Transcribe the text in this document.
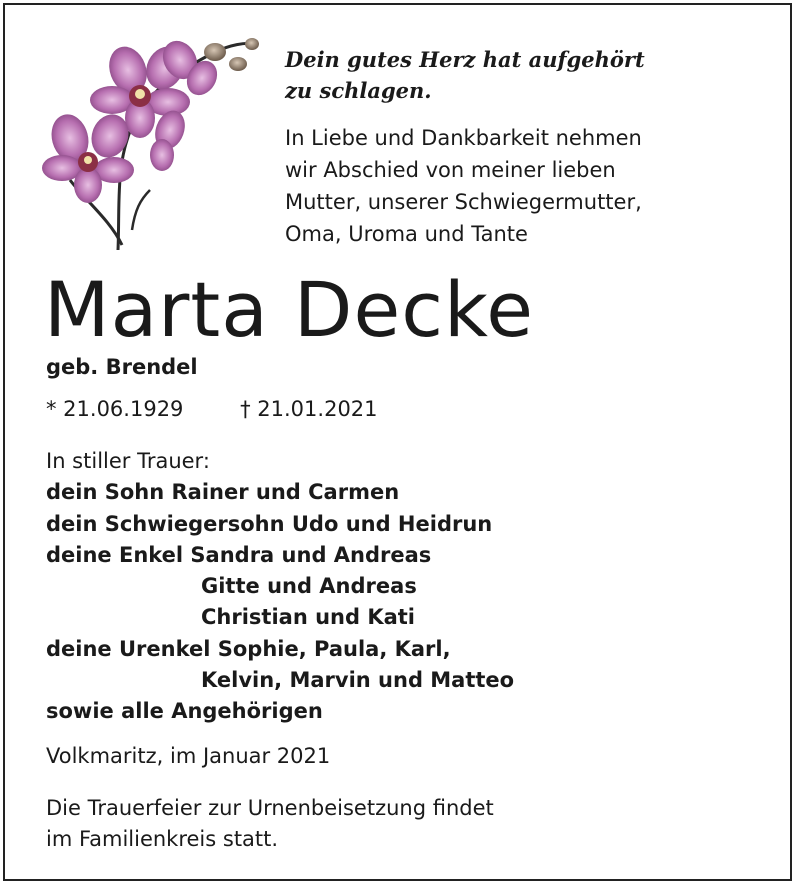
Dein gutes Herz hat aufgehört
zu schlagen.
In Liebe und Dankbarkeit nehmen
wir Abschied von meiner lieben
Mutter, unserer Schwiegermutter,
Oma, Uroma und Tante
Marta Decke
geb. Brendel
* 21.06.1929	† 21.01.2021
In stiller Trauer:
dein Sohn Rainer und Carmen
dein Schwiegersohn Udo und Heidrun
deine Enkel Sandra und Andreas
Gitte und Andreas
Christian und Kati
deine Urenkel Sophie, Paula, Karl,
Kelvin, Marvin und Matteo
sowie alle Angehörigen
Volkmaritz, im Januar 2021
Die Trauerfeier zur Urnenbeisetzung findet
im Familienkreis statt.
